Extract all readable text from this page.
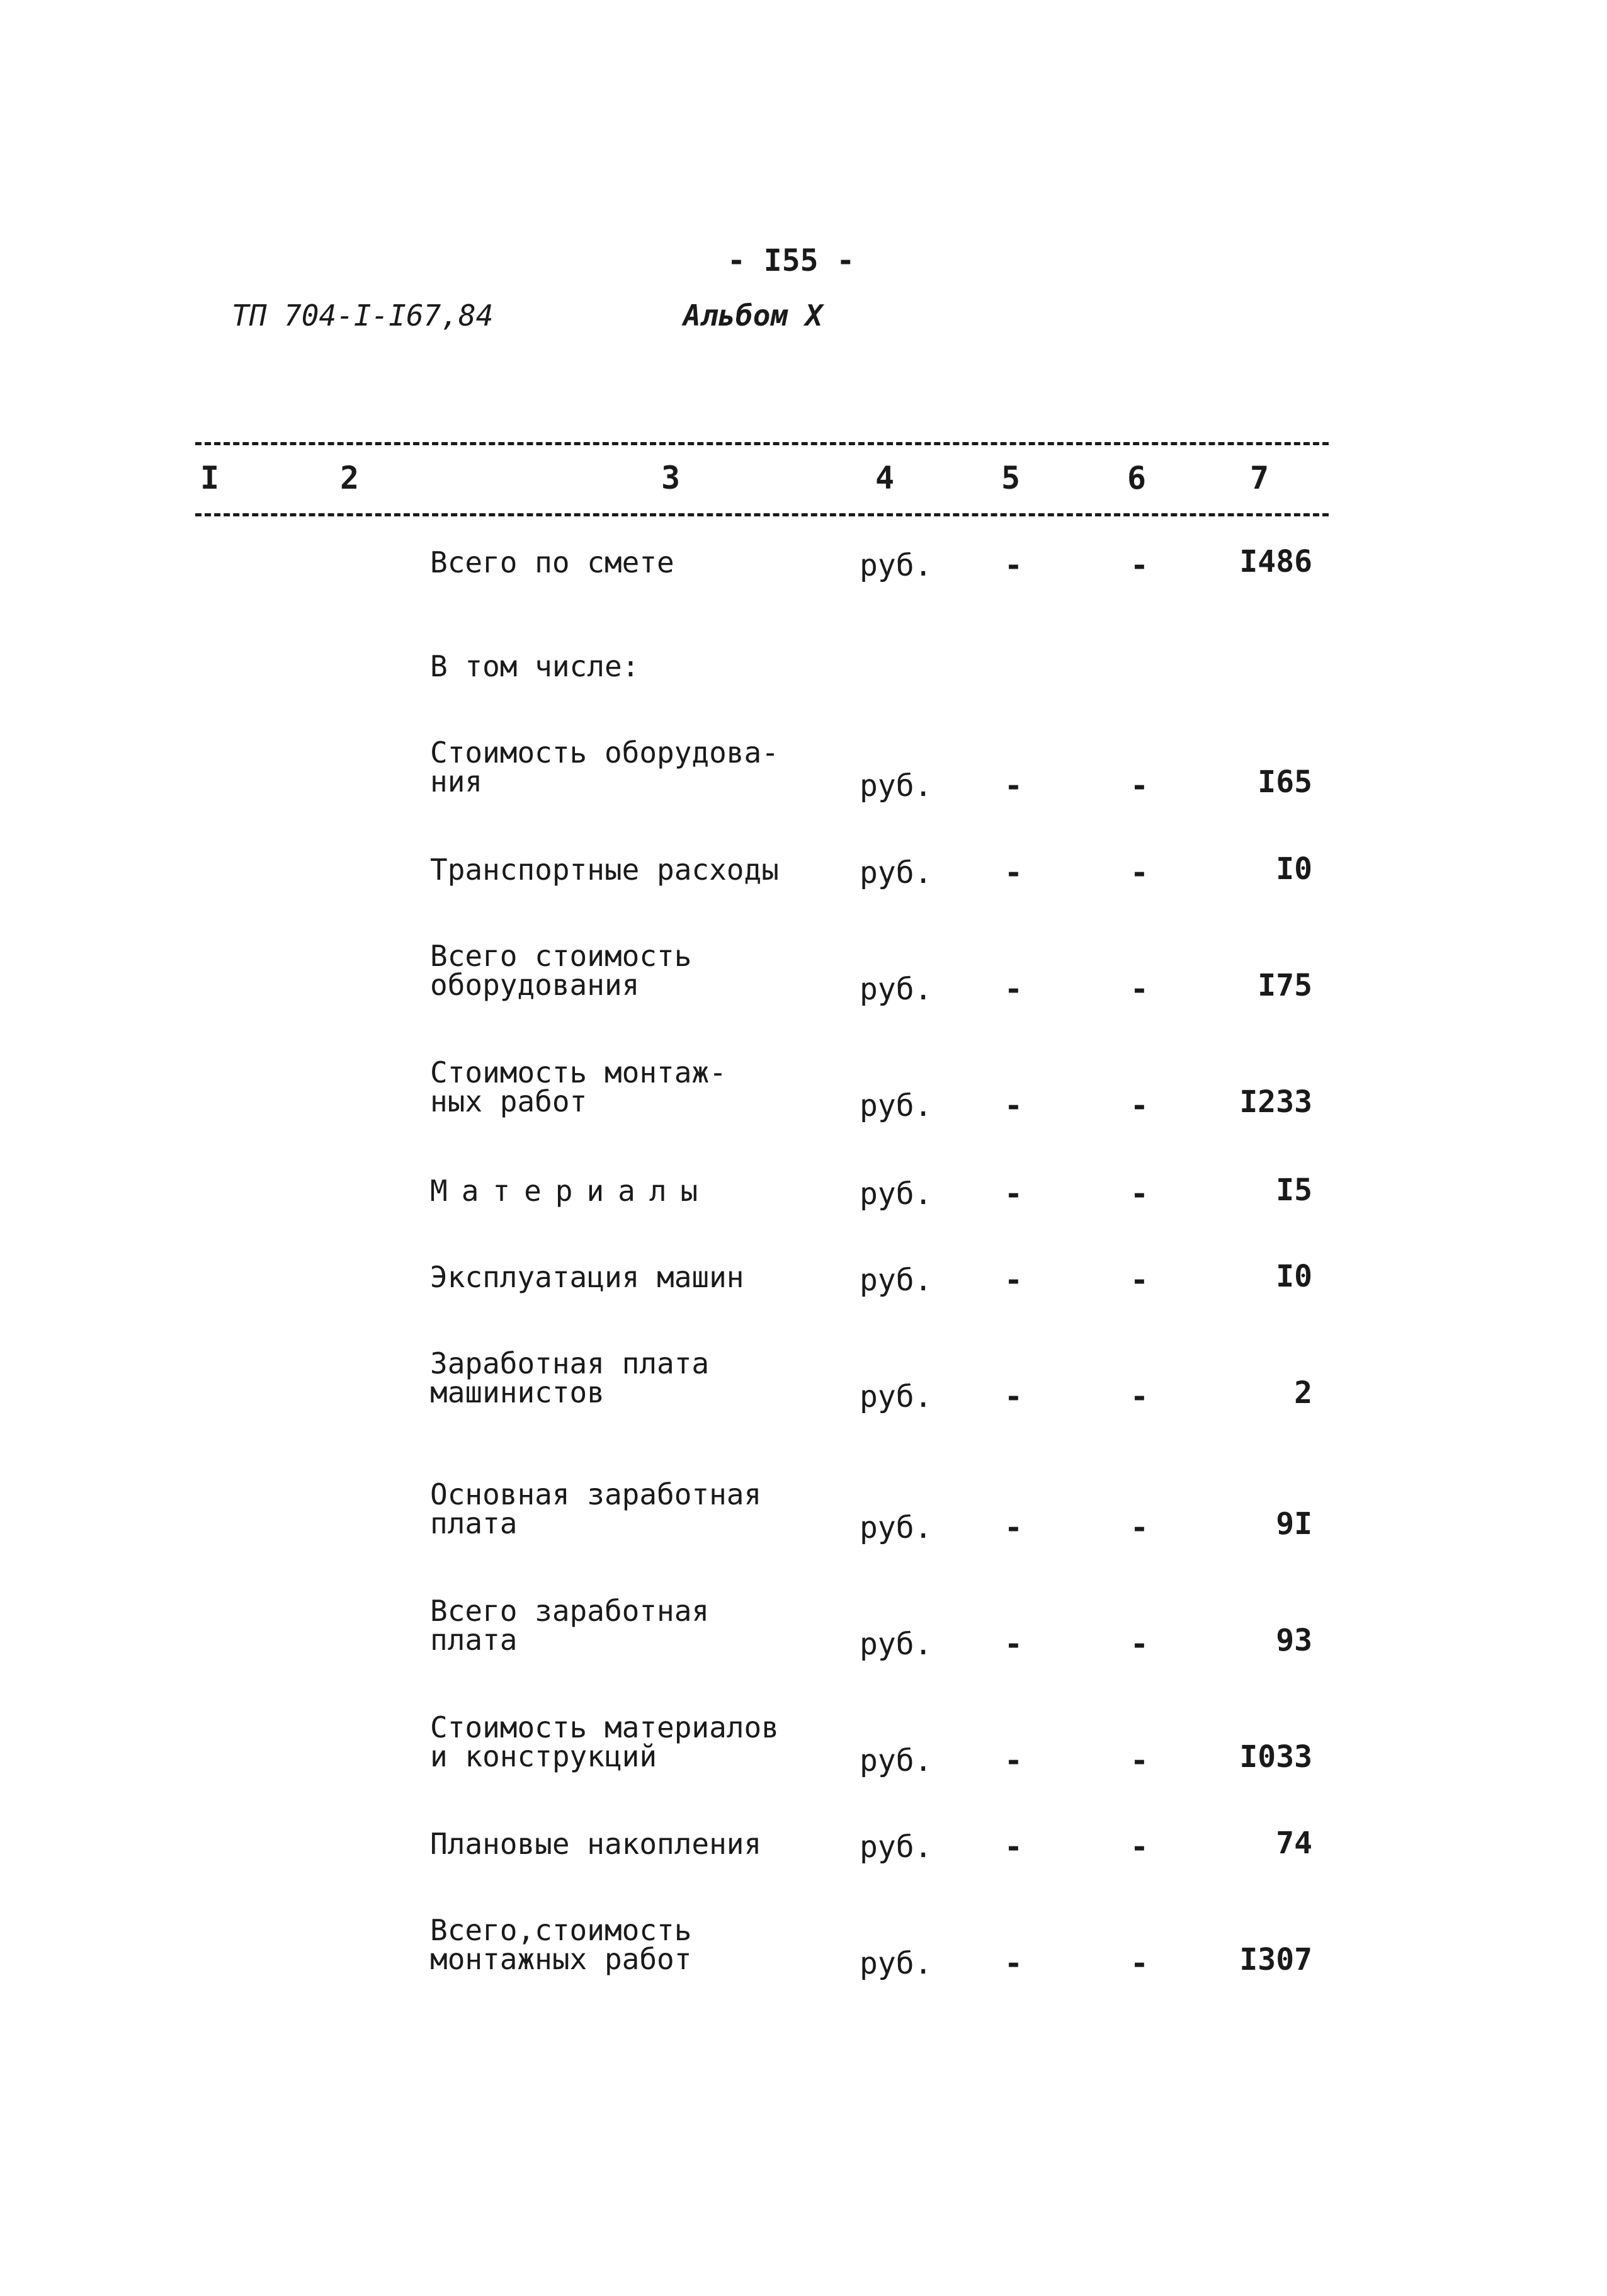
- I55 -
ТП 704-I-I67,84	Альбом X
I	2	3	4	5	6	7
Всего по смете	руб. -	-	I486
В том числе:
Стоимость оборудова-
ния	руб. -	-	I65
Транспортные расходы	руб. -	-	I0
Всего стоимость
оборудования	руб. -	-	I75
Стоимость монтаж-
ных работ	руб. -	-	I233
Материалы	руб. -	-	I5
Эксплуатация машин	руб. -	-	I0
Заработная плата
машинистов	руб. -	-	2
Основная заработная
плата	руб. -	-	9I
Всего заработная
плата	руб. -	-	93
Стоимость материалов
и конструкций	руб. -	-	I033
Плановые накопления	руб. -	-	74
Всего,стоимость
монтажных работ	руб. -	-	I307
